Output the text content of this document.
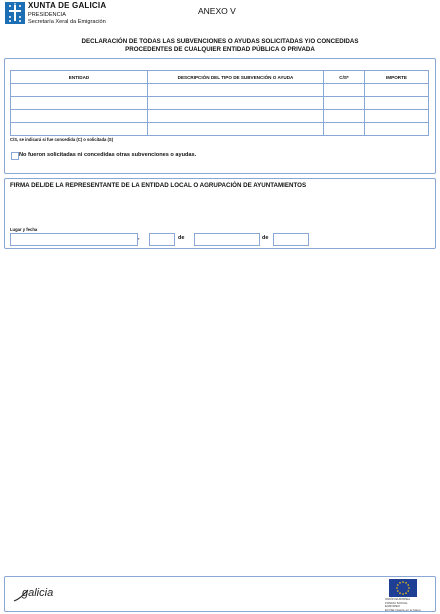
XUNTA DE GALICIA
PRESIDENCIA
Secretaría Xeral da Emigración
ANEXO V
DECLARACIÓN DE TODAS LAS SUBVENCIONES O AYUDAS SOLICITADAS Y/O CONCEDIDAS
PROCEDENTES DE CUALQUIER ENTIDAD PÚBLICA O PRIVADA
ENTIDAD	DESCRIPCIÓN DEL TIPO DE SUBVENCIÓN O AYUDA	C/S*	IMPORTE

C/S, se indicará si fue concedida (C) o solicitada (S)
No fueron solicitadas ni concedidas otras subvenciones o ayudas.
FIRMA DEL/DE LA REPRESENTANTE DE LA ENTIDAD LOCAL O AGRUPACIÓN DE AYUNTAMIENTOS
Lugar y fecha
,	de	de
galicia	UNIÓN EUROPEA
FONDO SOCIAL EUROPEO
El FSE invierte en tu futuro
